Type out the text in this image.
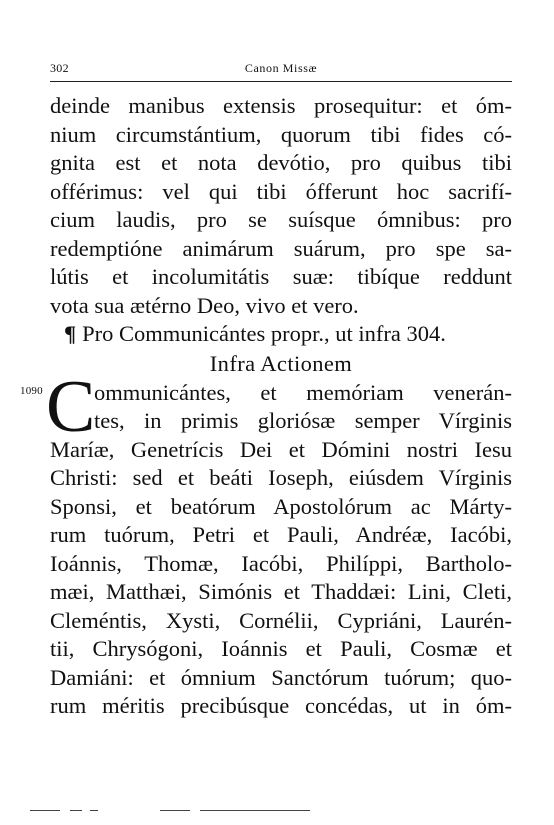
302	Canon Missæ
1090
deinde manibus extensis prosequitur: et óm-
nium circumstántium, quorum tibi fides có-
gnita est et nota devótio, pro quibus tibi
offérimus: vel qui tibi ófferunt hoc sacrifí-
cium laudis, pro se suísque ómnibus: pro
redemptióne animárum suárum, pro spe sa-
lútis et incolumitátis suæ: tibíque reddunt
vota sua ætérno Deo, vivo et vero.
¶ Pro Communicántes propr., ut infra 304.
Infra Actionem
C
ommunicántes, et memóriam venerán-
tes, in primis gloriósæ semper Vírginis
Maríæ, Genetrícis Dei et Dómini nostri Iesu
Christi: sed et beáti Ioseph, eiúsdem Vírginis
Sponsi, et beatórum Apostolórum ac Márty-
rum tuórum, Petri et Pauli, Andréæ, Iacóbi,
Ioánnis, Thomæ, Iacóbi, Philíppi, Bartholo-
mæi, Matthæi, Simónis et Thaddæi: Lini, Cleti,
Cleméntis, Xysti, Cornélii, Cypriáni, Laurén-
tii, Chrysógoni, Ioánnis et Pauli, Cosmæ et
Damiáni: et ómnium Sanctórum tuórum; quo-
rum méritis precibúsque concédas, ut in óm-
